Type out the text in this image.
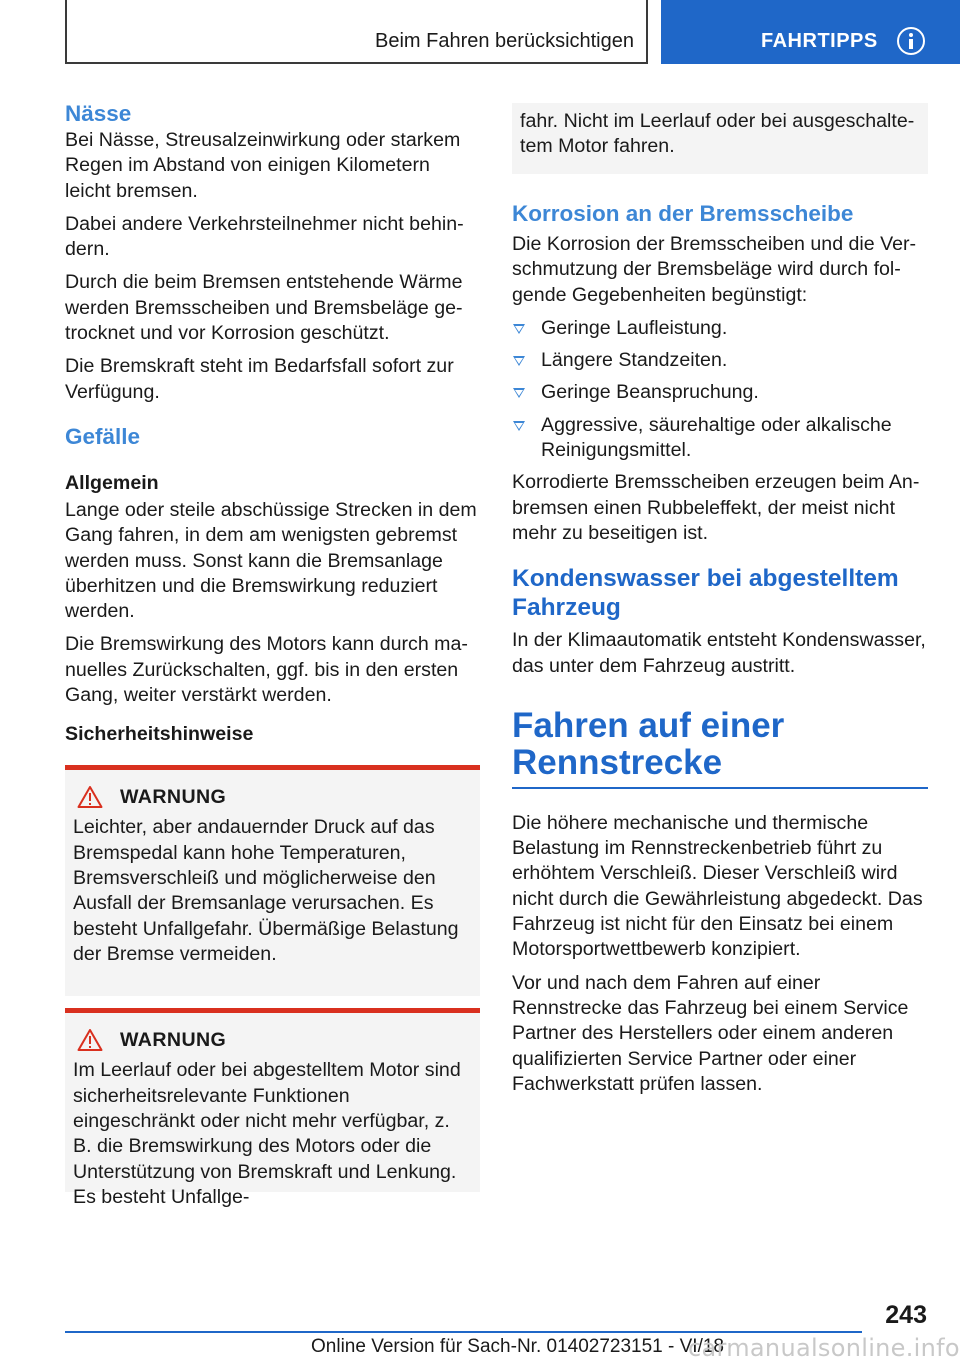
Beim Fahren berücksichtigen	FAHRTIPPS
Nässe

Bei Nässe, Streusalzeinwirkung oder starkem Regen im Abstand von einigen Kilometern leicht bremsen.

Dabei andere Verkehrsteilnehmer nicht behindern.

Durch die beim Bremsen entstehende Wärme werden Bremsscheiben und Bremsbeläge getrocknet und vor Korrosion geschützt.

Die Bremskraft steht im Bedarfsfall sofort zur Verfügung.

Gefälle
Allgemein

Lange oder steile abschüssige Strecken in dem Gang fahren, in dem am wenigsten gebremst werden muss. Sonst kann die Bremsanlage überhitzen und die Bremswirkung reduziert werden.

Die Bremswirkung des Motors kann durch manuelles Zurückschalten, ggf. bis in den ersten Gang, weiter verstärkt werden.

Sicherheitshinweise
WARNUNG

Leichter, aber andauernder Druck auf das Bremspedal kann hohe Temperaturen, Bremsverschleiß und möglicherweise den Ausfall der Bremsanlage verursachen. Es besteht Unfallgefahr. Übermäßige Belastung der Bremse vermeiden.

WARNUNG

Im Leerlauf oder bei abgestelltem Motor sind sicherheitsrelevante Funktionen eingeschränkt oder nicht mehr verfügbar, z. B. die Bremswirkung des Motors oder die Unterstützung von Bremskraft und Lenkung. Es besteht Unfallge-

fahr. Nicht im Leerlauf oder bei ausgeschaltetem Motor fahren.

Korrosion an der Bremsscheibe

Die Korrosion der Bremsscheiben und die Verschmutzung der Bremsbeläge wird durch folgende Gegebenheiten begünstigt:

Geringe Laufleistung.
Längere Standzeiten.
Geringe Beanspruchung.
Aggressive, säurehaltige oder alkalische Reinigungsmittel.

Korrodierte Bremsscheiben erzeugen beim Anbremsen einen Rubbeleffekt, der meist nicht mehr zu beseitigen ist.

Kondenswasser bei abgestelltem Fahrzeug

In der Klimaautomatik entsteht Kondenswasser, das unter dem Fahrzeug austritt.

Fahren auf einer Rennstrecke

Die höhere mechanische und thermische Belastung im Rennstreckenbetrieb führt zu erhöhtem Verschleiß. Dieser Verschleiß wird nicht durch die Gewährleistung abgedeckt. Das Fahrzeug ist nicht für den Einsatz bei einem Motorsportwettbewerb konzipiert.

Vor und nach dem Fahren auf einer Rennstrecke das Fahrzeug bei einem Service Partner des Herstellers oder einem anderen qualifizierten Service Partner oder einer Fachwerkstatt prüfen lassen.

243
Online Version für Sach-Nr. 01402723151 - VI/18
carmanualsonline.info
